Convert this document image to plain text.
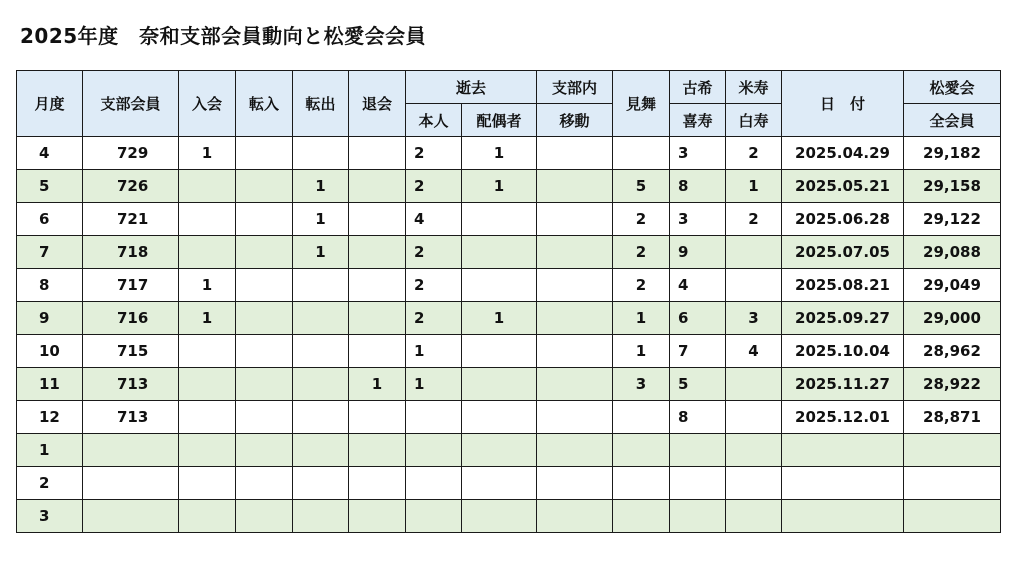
2025年度　奈和支部会員動向と松愛会会員
月度	支部会員	入会	転入	転出	退会	逝去		支部内	見舞	古希	米寿	日　付	松愛会
						本人	配偶者	移動		喜寿	白寿		全会員
4	729	1				2	1			3	2	2025.04.29	29,182
5	726			1		2	1		5	8	1	2025.05.21	29,158
6	721			1		4			2	3	2	2025.06.28	29,122
7	718			1		2			2	9		2025.07.05	29,088
8	717	1				2			2	4		2025.08.21	29,049
9	716	1				2	1		1	6	3	2025.09.27	29,000
10	715					1			1	7	4	2025.10.04	28,962
11	713				1	1			3	5		2025.11.27	28,922
12	713									8		2025.12.01	28,871
1													
2													
3													
